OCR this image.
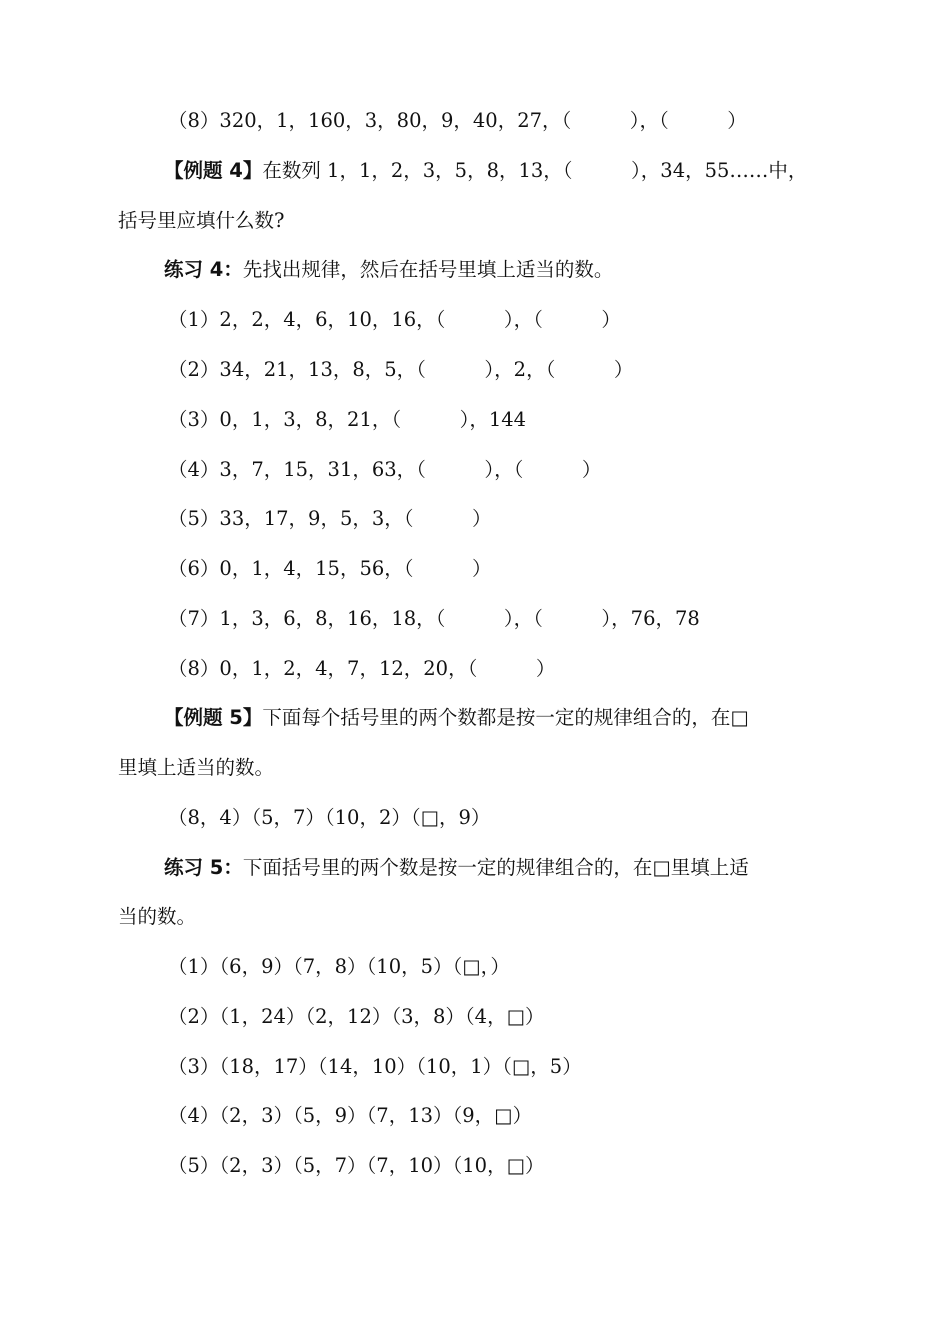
（8）320，1，160，3，80，9，40，27，（　　　），（　　　）
【例题 4】在数列 1，1，2，3，5，8，13，（　　　），34，55……中，
括号里应填什么数?
练习 4：先找出规律，然后在括号里填上适当的数。
（1）2，2，4，6，10，16，（　　　），（　　　）
（2）34，21，13，8，5，（　　　），2，（　　　）
（3）0，1，3，8，21，（　　　），144
（4）3，7，15，31，63，（　　　），（　　　）
（5）33，17，9，5，3，（　　　）
（6）0，1，4，15，56，（　　　）
（7）1，3，6，8，16，18，（　　　），（　　　），76，78
（8）0，1，2，4，7，12，20，（　　　）
【例题 5】下面每个括号里的两个数都是按一定的规律组合的，在□
里填上适当的数。
（8，4）（5，7）（10，2）（□，9）
练习 5：下面括号里的两个数是按一定的规律组合的，在□里填上适
当的数。
（1）（6，9）（7，8）（10，5）（□，）
（2）（1，24）（2，12）（3，8）（4，□）
（3）（18，17）（14，10）（10，1）（□，5）
（4）（2，3）（5，9）（7，13）（9，□）
（5）（2，3）（5，7）（7，10）（10，□）
